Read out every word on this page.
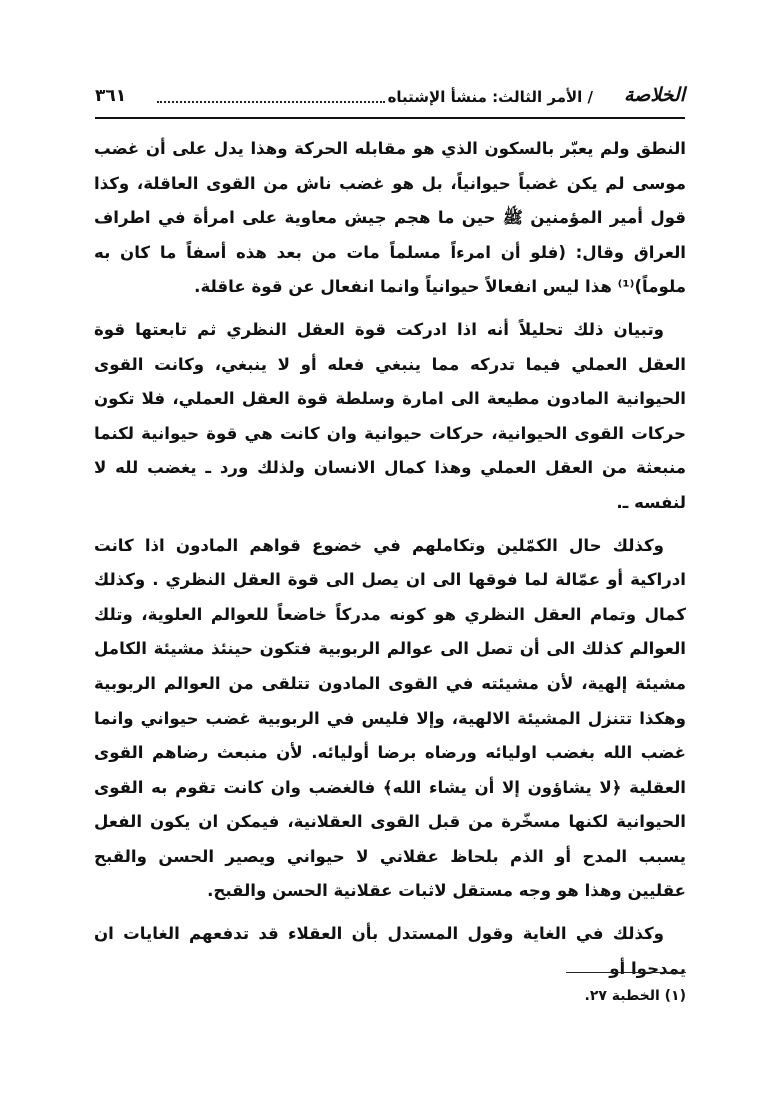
الخلاصة
/ الأمر الثالث: منشأ الإشتباه
٣٦١

النطق ولم يعبّر بالسكون الذي هو مقابله الحركة وهذا يدل على أن غضب موسى لم يكن غضباً حيوانياً، بل هو غضب ناش من القوى العاقلة، وكذا قول أمير المؤمنين ﷺ حين ما هجم جيش معاوية على امرأة في اطراف العراق وقال: (فلو أن امرءاً مسلماً مات من بعد هذه أسفاً ما كان به ملوماً)⁽¹⁾ هذا ليس انفعالاً حيوانياً وانما انفعال عن قوة عاقلة.

وتبيان ذلك تحليلاً أنه اذا ادركت قوة العقل النظري ثم تابعتها قوة العقل العملي فيما تدركه مما ينبغي فعله أو لا ينبغي، وكانت القوى الحيوانية المادون مطيعة الى امارة وسلطة قوة العقل العملي، فلا تكون حركات القوى الحيوانية، حركات حيوانية وان كانت هي قوة حيوانية لكنما منبعثة من العقل العملي وهذا كمال الانسان ولذلك ورد ـ يغضب لله لا لنفسه ـ.

وكذلك حال الكمّلين وتكاملهم في خضوع قواهم المادون اذا كانت ادراكية أو عمّالة لما فوقها الى ان يصل الى قوة العقل النظري . وكذلك كمال وتمام العقل النظري هو كونه مدركاً خاضعاً للعوالم العلوية، وتلك العوالم كذلك الى أن تصل الى عوالم الربوبية فتكون حينئذ مشيئة الكامل مشيئة إلهية، لأن مشيئته في القوى المادون تتلقى من العوالم الربوبية وهكذا تتنزل المشيئة الالهية، وإلا فليس في الربوبية غضب حيواني وانما غضب الله بغضب اوليائه ورضاه برضا أوليائه. لأن منبعث رضاهم القوى العقلية ﴿لا يشاؤون إلا أن يشاء الله﴾ فالغضب وان كانت تقوم به القوى الحيوانية لكنها مسخّرة من قبل القوى العقلانية، فيمكن ان يكون الفعل يسبب المدح أو الذم بلحاظ عقلاني لا حيواني ويصير الحسن والقبح عقليين وهذا هو وجه مستقل لاثبات عقلانية الحسن والقبح.

وكذلك في الغاية وقول المستدل بأن العقلاء قد تدفعهم الغايات ان يمدحوا أو

(١) الخطبة ٢٧.
